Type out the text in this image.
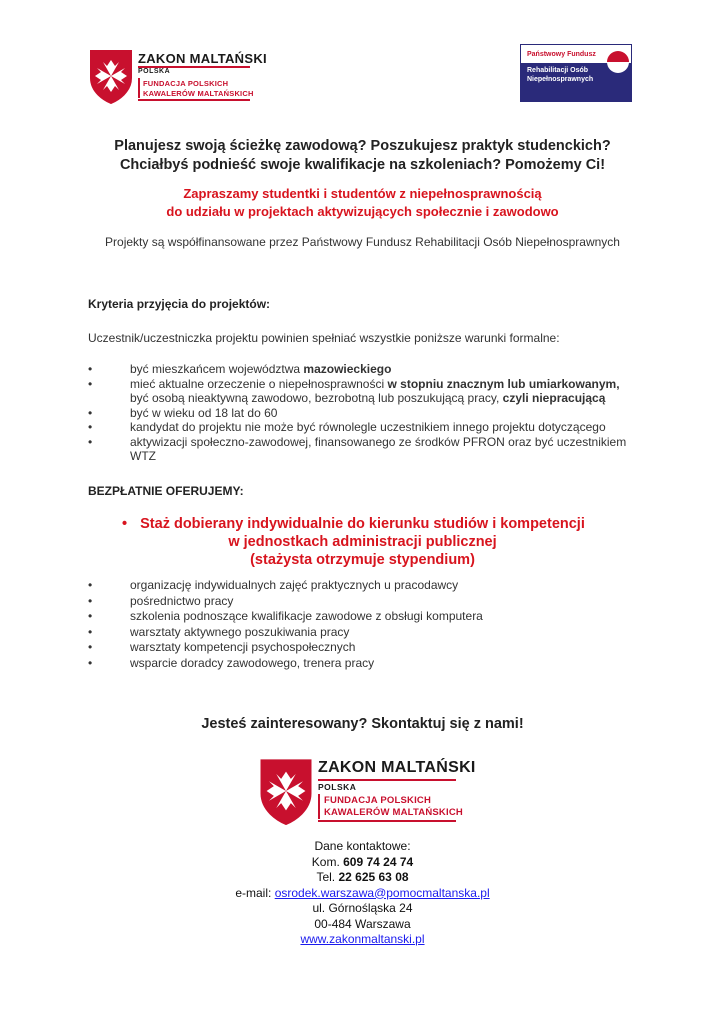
ZAKON MALTAŃSKI
POLSKA
FUNDACJA POLSKICH
KAWALERÓW MALTAŃSKICH
Państwowy Fundusz
Rehabilitacji Osób
Niepełnosprawnych
Planujesz swoją ścieżkę zawodową? Poszukujesz praktyk studenckich?
Chciałbyś podnieść swoje kwalifikacje na szkoleniach? Pomożemy Ci!
Zapraszamy studentki i studentów z niepełnosprawnością
do udziału w projektach aktywizujących społecznie i zawodowo
Projekty są współfinansowane przez Państwowy Fundusz Rehabilitacji Osób Niepełnosprawnych
Kryteria przyjęcia do projektów:
Uczestnik/uczestniczka projektu powinien spełniać wszystkie poniższe warunki formalne:
•	być mieszkańcem województwa mazowieckiego
•	mieć aktualne orzeczenie o niepełnosprawności w stopniu znacznym lub umiarkowanym,
być osobą nieaktywną zawodowo, bezrobotną lub poszukującą pracy, czyli niepracującą
•	być w wieku od 18 lat do 60
•	kandydat do projektu nie może być równolegle uczestnikiem innego projektu dotyczącego
•	aktywizacji społeczno-zawodowej, finansowanego ze środków PFRON oraz być uczestnikiem
WTZ
BEZPŁATNIE OFERUJEMY:
• Staż dobierany indywidualnie do kierunku studiów i kompetencji
w jednostkach administracji publicznej
(stażysta otrzymuje stypendium)
•	organizację indywidualnych zajęć praktycznych u pracodawcy
•	pośrednictwo pracy
•	szkolenia podnoszące kwalifikacje zawodowe z obsługi komputera
•	warsztaty aktywnego poszukiwania pracy
•	warsztaty kompetencji psychospołecznych
•	wsparcie doradcy zawodowego, trenera pracy
Jesteś zainteresowany? Skontaktuj się z nami!
ZAKON MALTAŃSKI
POLSKA
FUNDACJA POLSKICH
KAWALERÓW MALTAŃSKICH
Dane kontaktowe:
Kom. 609 74 24 74
Tel. 22 625 63 08
e-mail: osrodek.warszawa@pomocmaltanska.pl
ul. Górnośląska 24
00-484 Warszawa
www.zakonmaltanski.pl
